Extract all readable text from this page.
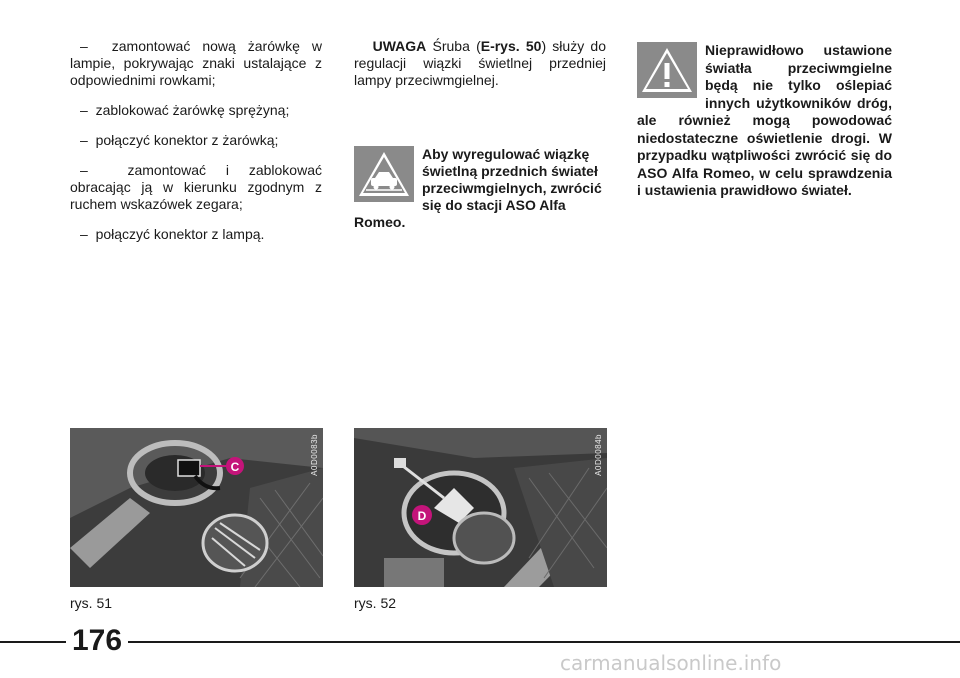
–  zamontować nową żarówkę w lampie, pokrywając znaki ustalające z odpowiednimi rowkami;

–  zablokować żarówkę sprężyną;

–  połączyć konektor z żarówką;

–  zamontować i zablokować obracając ją w kierunku zgodnym z ruchem wskazówek zegara;

–  połączyć konektor z lampą.

UWAGA Śruba (E-rys. 50) służy do regulacji wiązki świetlnej przedniej lampy przeciwmgielnej.

Aby wyregulować wiązkę świetlną przednich świateł przeciwmgielnych, zwrócić się do stacji ASO Alfa Romeo.
Nieprawidłowo ustawione światła przeciwmgielne będą nie tylko oślepiać innych użytkowników dróg, ale również mogą powodować niedostateczne oświetlenie drogi. W przypadku wątpliwości zwrócić się do ASO Alfa Romeo, w celu sprawdzenia i ustawienia prawidłowo świateł.
C	A0D0083b
D
A0D0084b
rys. 51	rys. 52
176
carmanualsonline.info
